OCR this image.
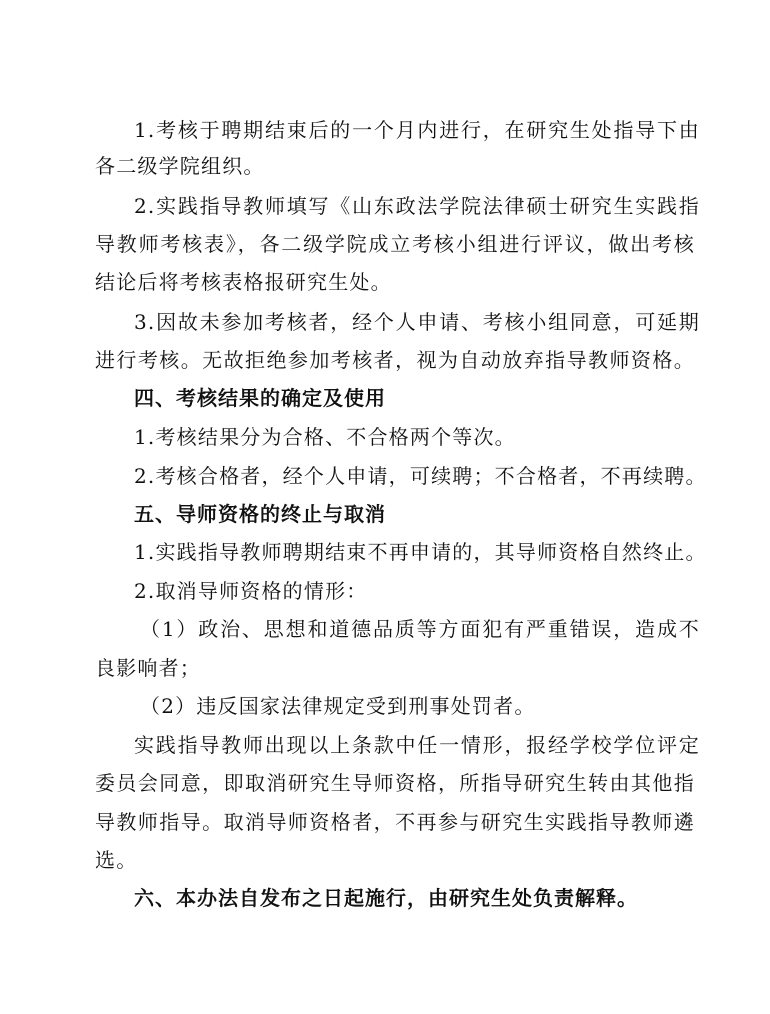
1.考核于聘期结束后的一个月内进行，在研究生处指导下由
各二级学院组织。
2.实践指导教师填写《山东政法学院法律硕士研究生实践指
导教师考核表》，各二级学院成立考核小组进行评议，做出考核
结论后将考核表格报研究生处。
3.因故未参加考核者，经个人申请、考核小组同意，可延期
进行考核。无故拒绝参加考核者，视为自动放弃指导教师资格。
四、考核结果的确定及使用
1.考核结果分为合格、不合格两个等次。
2.考核合格者，经个人申请，可续聘；不合格者，不再续聘。
五、导师资格的终止与取消
1.实践指导教师聘期结束不再申请的，其导师资格自然终止。
2.取消导师资格的情形：
（1）政治、思想和道德品质等方面犯有严重错误，造成不
良影响者；
（2）违反国家法律规定受到刑事处罚者。
实践指导教师出现以上条款中任一情形，报经学校学位评定
委员会同意，即取消研究生导师资格，所指导研究生转由其他指
导教师指导。取消导师资格者，不再参与研究生实践指导教师遴
选。
六、本办法自发布之日起施行，由研究生处负责解释。
